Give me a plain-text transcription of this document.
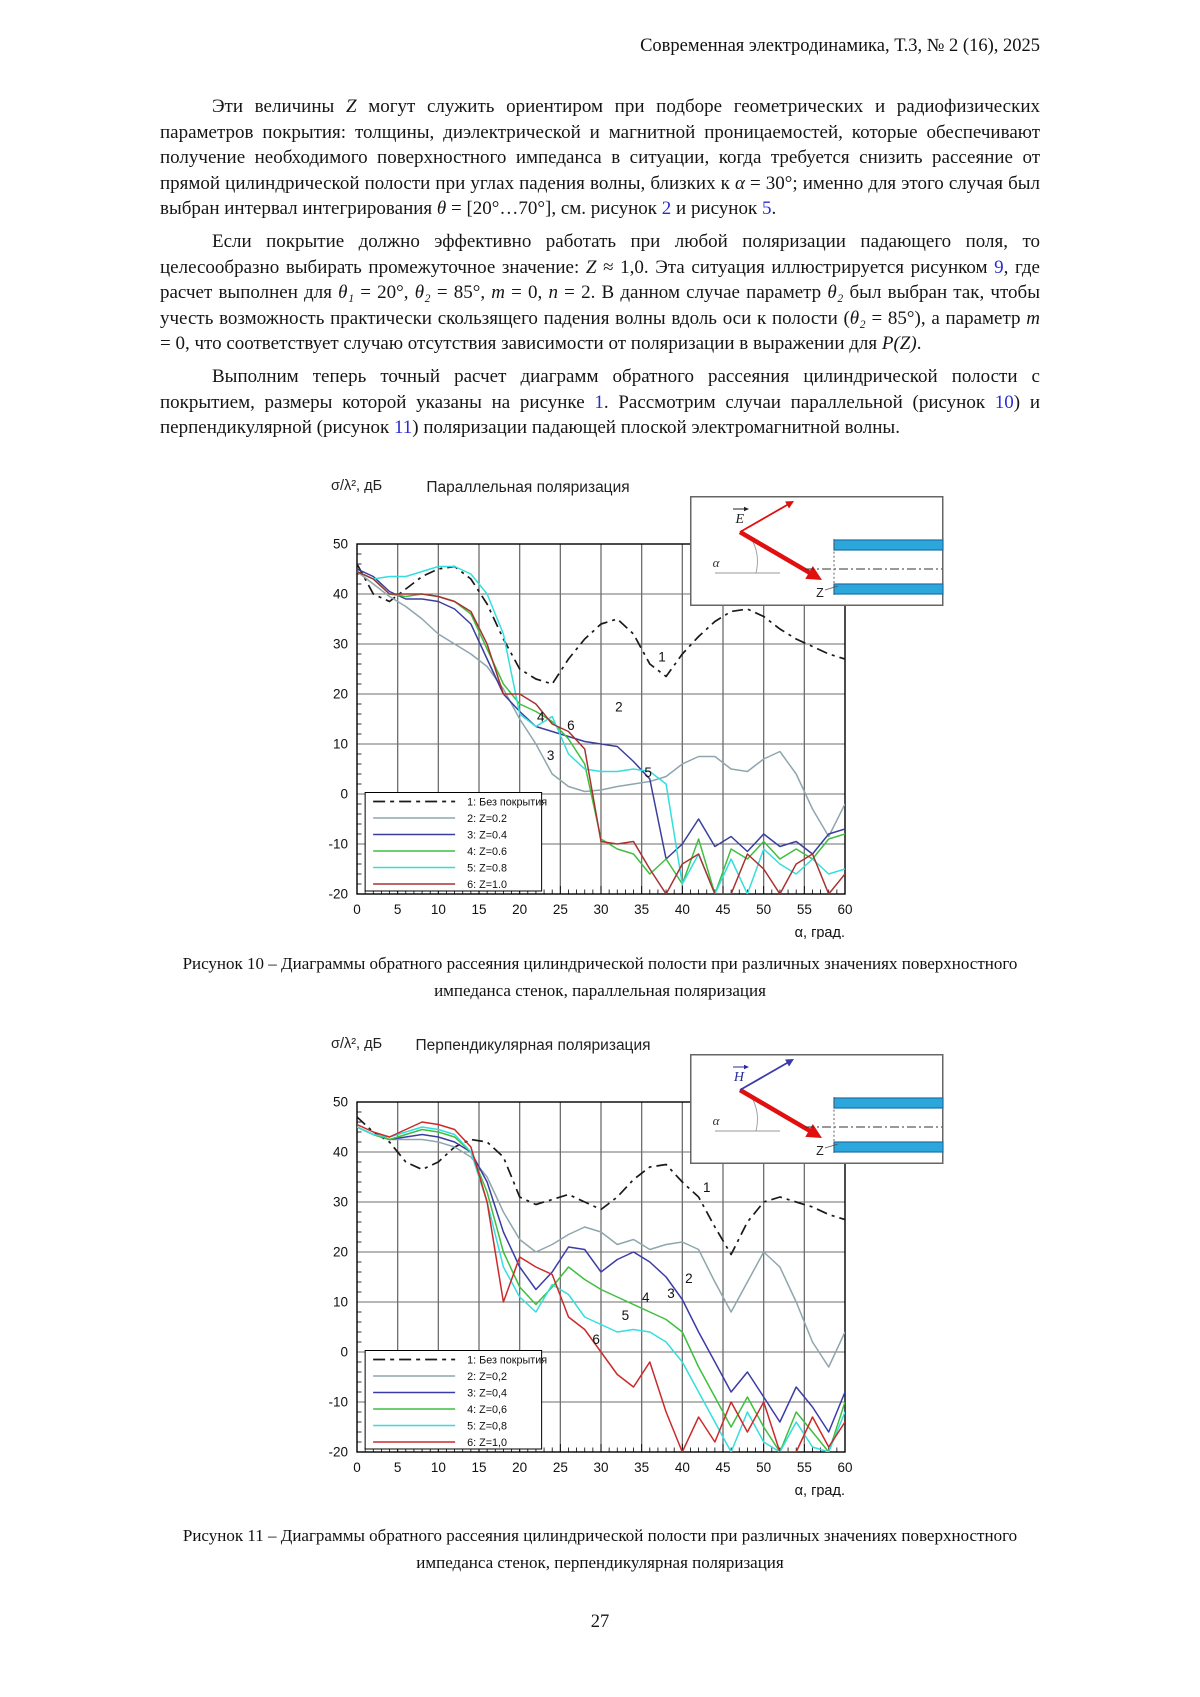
Современная электродинамика, Т.3, № 2 (16), 2025

Эти величины Z могут служить ориентиром при подборе геометрических и радиофизических параметров покрытия: толщины, диэлектрической и магнитной проницаемостей, которые обеспечивают получение необходимого поверхностного импеданса в ситуации, когда требуется снизить рассеяние от прямой цилиндрической полости при углах падения волны, близких к α = 30°; именно для этого случая был выбран интервал интегрирования θ = [20°…70°], см. рисунок 2 и рисунок 5.

Если покрытие должно эффективно работать при любой поляризации падающего поля, то целесообразно выбирать промежуточное значение: Z ≈ 1,0. Эта ситуация иллюстрируется рисунком 9, где расчет выполнен для θ₁ = 20°, θ₂ = 85°, m = 0, n = 2. В данном случае параметр θ₂ был выбран так, чтобы учесть возможность практически скользящего падения волны вдоль оси к полости (θ₂ = 85°), а параметр m = 0, что соответствует случаю отсутствия зависимости от поляризации в выражении для P(Z).

Выполним теперь точный расчет диаграмм обратного рассеяния цилиндрической полости с покрытием, размеры которой указаны на рисунке 1. Рассмотрим случаи параллельной (рисунок 10) и перпендикулярной (рисунок 11) поляризации падающей плоской электромагнитной волны.

σ/λ², дБ	Параллельная поляризация
-20
-10
0
10
20
30
40
50
0 5 10 15 20 25 30 35 40 45 50 55 60
α, град.
1
2
3
4
5
6
1: Без покрытия
2: Z=0.2
3: Z=0.4
4: Z=0.6
5: Z=0.8
6: Z=1.0
E
α
Z
Рисунок 10 – Диаграммы обратного рассеяния цилиндрической полости при различных значениях поверхностного
импеданса стенок, параллельная поляризация
σ/λ², дБ	Перпендикулярная поляризация
-20
-10
0
10
20
30
40
50
0 5 10 15 20 25 30 35 40 45 50 55 60
α, град.
1
2
3
4
5
6
1: Без покрытия
2: Z=0,2
3: Z=0,4
4: Z=0,6
5: Z=0,8
6: Z=1,0
H
α
Z
Рисунок 11 – Диаграммы обратного рассеяния цилиндрической полости при различных значениях поверхностного
импеданса стенок, перпендикулярная поляризация
27
